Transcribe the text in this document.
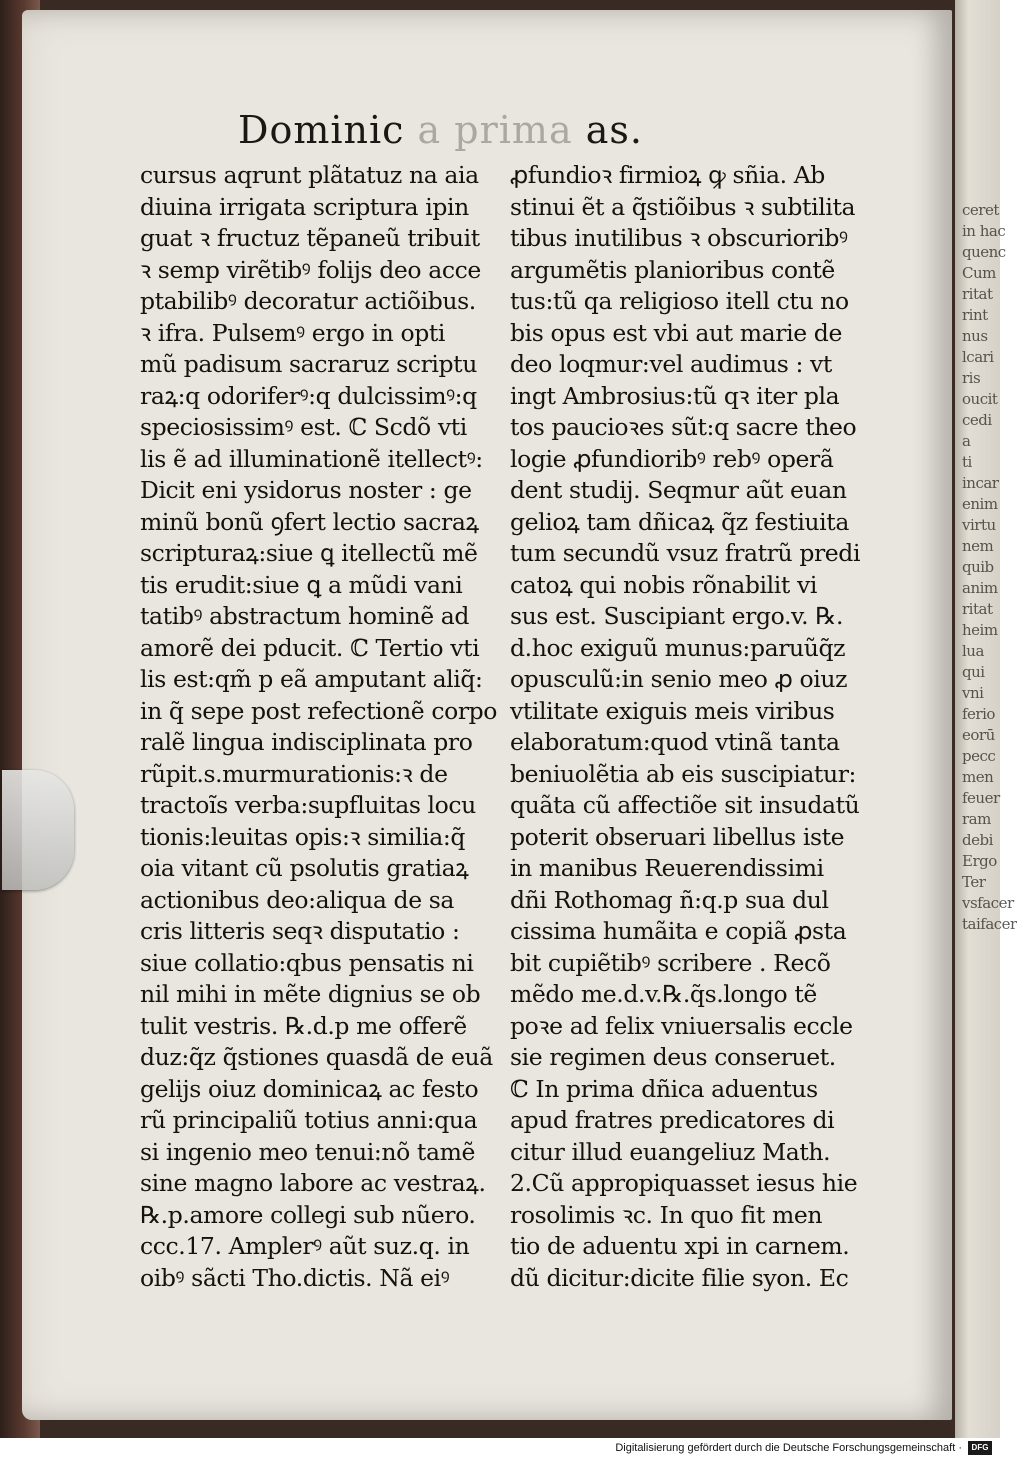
ceret
in hac
quenc
Cum
ritat
rint
nus
lcari
ris
oucit
cedi
a
ti
incar
enim
virtu
nem
quib
anim
ritat
heim
lua
qui
vni
ferio
eorū
pecc
men
feuer
ram
debi
Ergo
Ter
vsfacer
taifacer
Dominic a prima as.
cursus aqrunt plãtatuz na aia
diuina irrigata scriptura ipin
guat ꝛ fructuz tẽpaneũ tribuit
ꝛ semp virẽtibꝰ folijs deo acce
ptabilibꝰ decoratur actiõibus.
ꝛ ifra. Pulsemꝰ ergo in opti
mũ padisum sacraruz scriptu
raꝝ:q odoriferꝰ:q dulcissimꝰ:q
speciosissimꝰ est. ℂ Scdõ vti
lis ẽ ad illuminationẽ itellectꝰ:
Dicit eni ysidorus noster : ge
minũ bonũ ꝯfert lectio sacraꝝ
scripturaꝝ:siue ꝗ itellectũ mẽ
tis erudit:siue ꝗ a mũdi vani
tatibꝰ abstractum hominẽ ad
amorẽ dei pducit. ℂ Tertio vti
lis est:qm̃ p eã amputant aliq̃:
in q̃ sepe post refectionẽ corpo
ralẽ lingua indisciplinata pro
rũpit.s.murmurationis:ꝛ de
tractoĩs verba:supfluitas locu
tionis:leuitas opis:ꝛ similia:q̃
oia vitant cũ psolutis gratiaꝝ
actionibus deo:aliqua de sa
cris litteris seqꝛ disputatio :
siue collatio:qbus pensatis ni
nil mihi in mẽte dignius se ob
tulit vestris. ℞.d.p me offerẽ
duz:q̃z q̃stiones quasdã de euã
gelijs oiuz dominicaꝝ ac festo
rũ principaliũ totius anni:qua
si ingenio meo tenui:nõ tamẽ
sine magno labore ac vestraꝝ.
℞.p.amore collegi sub nũero.
ccc.17. Amplerꝰ aũt suz.q. in
oibꝰ sãcti Tho.dictis. Nã eiꝰ
ꝓfundioꝛ firmioꝝ ꝙ sñia. Ab
stinui ẽt a q̃stiõibus ꝛ subtilita
tibus inutilibus ꝛ obscurioribꝰ
argumẽtis planioribus contẽ
tus:tũ qa religioso itell ctu no
bis opus est vbi aut marie de
deo loqmur:vel audimus : vt
ingt Ambrosius:tũ qꝛ iter pla
tos paucioꝛes sũt:q sacre theo
logie ꝓfundioribꝰ rebꝰ operã
dent studij. Seqmur aũt euan
gelioꝝ tam dñicaꝝ q̃z festiuita
tum secundũ vsuz fratrũ predi
catoꝝ qui nobis rõnabilit vi
sus est. Suscipiant ergo.v. ℞.
d.hoc exiguũ munus:paruũq̃z
opusculũ:in senio meo ꝓ oiuz
vtilitate exiguis meis viribus
elaboratum:quod vtinã tanta
beniuolẽtia ab eis suscipiatur:
quãta cũ affectiõe sit insudatũ
poterit obseruari libellus iste
in manibus Reuerendissimi
dñi Rothomag ñ:q.p sua dul
cissima humãita e copiã ꝓsta
bit cupiẽtibꝰ scribere . Recõ
mẽdo me.d.v.℞.q̃s.longo tẽ
poꝛe ad felix vniuersalis eccle
sie regimen deus conseruet.
ℂ In prima dñica aduentus
apud fratres predicatores di
citur illud euangeliuz Math.
2.Cũ appropiquasset iesus hie
rosolimis ꝛc. In quo fit men
tio de aduentu xpi in carnem.
dũ dicitur:dicite filie syon. Ec
Digitalisierung gefördert durch die Deutsche Forschungsgemeinschaft ·	DFG
